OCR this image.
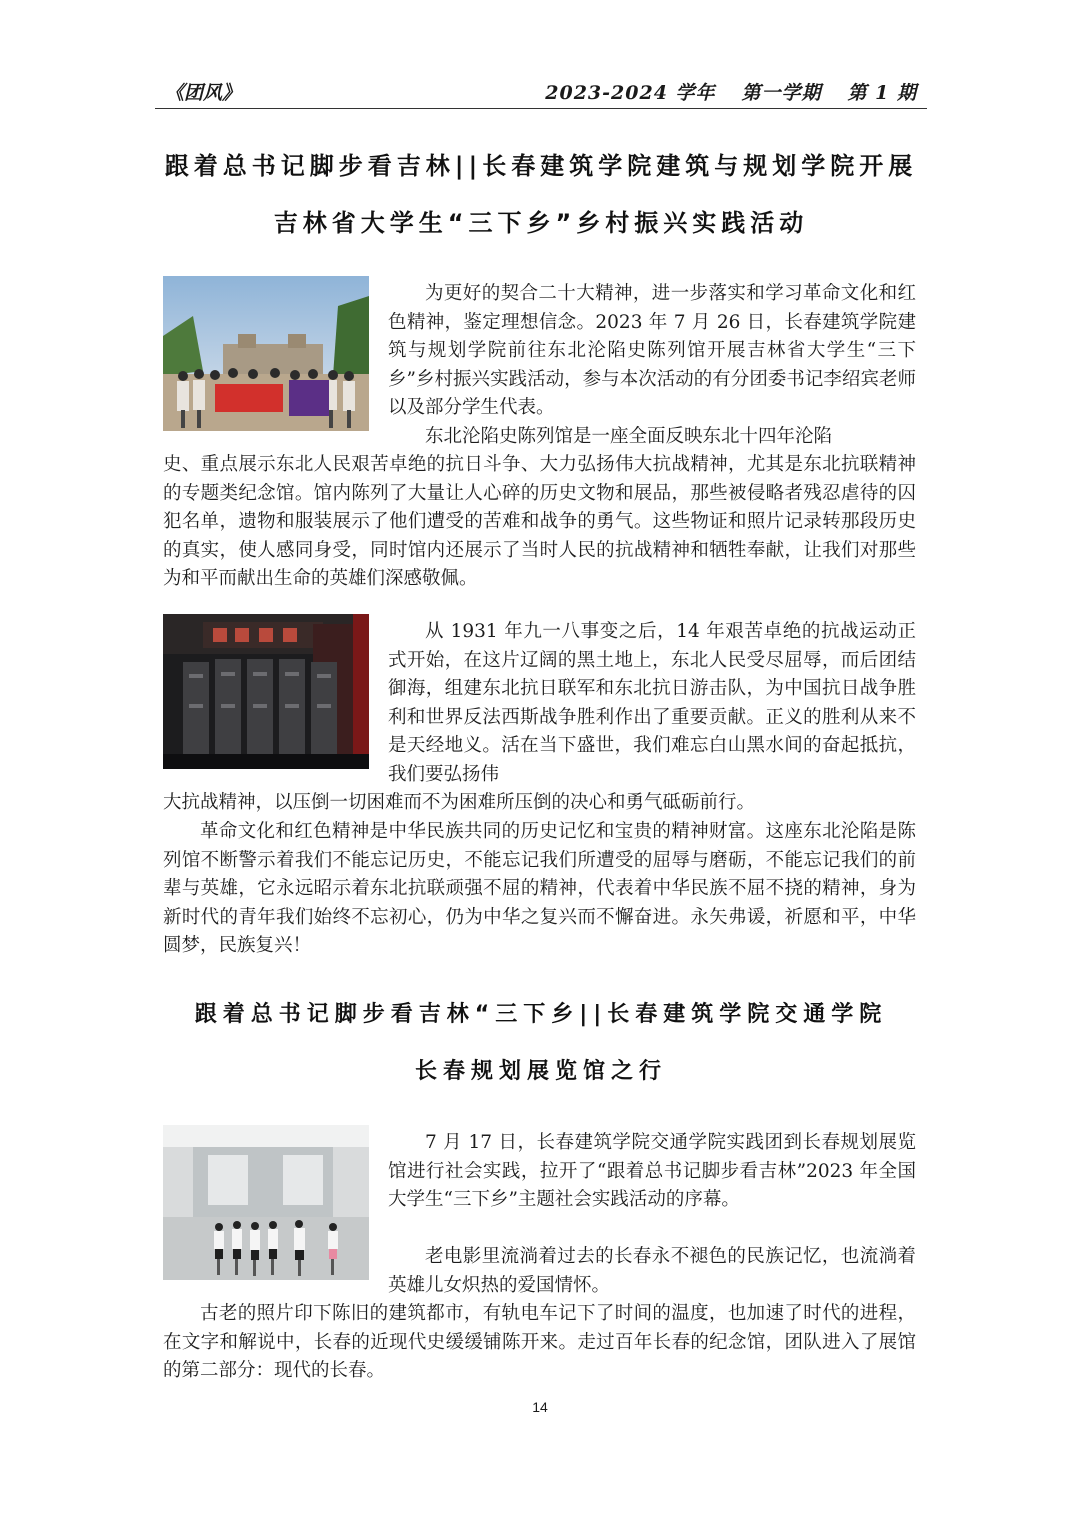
《团风》	2023-2024 学年 第一学期 第 1 期
跟着总书记脚步看吉林||长春建筑学院建筑与规划学院开展
吉林省大学生“三下乡”乡村振兴实践活动

为更好的契合二十大精神，进一步落实和学习革命文化和红色精神，鉴定理想信念。2023 年 7 月 26 日，长春建筑学院建筑与规划学院前往东北沦陷史陈列馆开展吉林省大学生“三下乡”乡村振兴实践活动，参与本次活动的有分团委书记李绍宾老师以及部分学生代表。

东北沦陷史陈列馆是一座全面反映东北十四年沦陷

史、重点展示东北人民艰苦卓绝的抗日斗争、大力弘扬伟大抗战精神，尤其是东北抗联精神的专题类纪念馆。馆内陈列了大量让人心碎的历史文物和展品，那些被侵略者残忍虐待的囚犯名单，遗物和服装展示了他们遭受的苦难和战争的勇气。这些物证和照片记录转那段历史的真实，使人感同身受，同时馆内还展示了当时人民的抗战精神和牺牲奉献，让我们对那些为和平而献出生命的英雄们深感敬佩。

从 1931 年九一八事变之后，14 年艰苦卓绝的抗战运动正式开始，在这片辽阔的黑土地上，东北人民受尽屈辱，而后团结御海，组建东北抗日联军和东北抗日游击队，为中国抗日战争胜利和世界反法西斯战争胜利作出了重要贡献。正义的胜利从来不是天经地义。活在当下盛世，我们难忘白山黑水间的奋起抵抗，我们要弘扬伟

大抗战精神，以压倒一切困难而不为困难所压倒的决心和勇气砥砺前行。

革命文化和红色精神是中华民族共同的历史记忆和宝贵的精神财富。这座东北沦陷是陈列馆不断警示着我们不能忘记历史，不能忘记我们所遭受的屈辱与磨砺，不能忘记我们的前辈与英雄，它永远昭示着东北抗联顽强不屈的精神，代表着中华民族不屈不挠的精神，身为新时代的青年我们始终不忘初心，仍为中华之复兴而不懈奋进。永矢弗谖，祈愿和平，中华圆梦，民族复兴！

跟着总书记脚步看吉林“三下乡||长春建筑学院交通学院
长春规划展览馆之行

7 月 17 日，长春建筑学院交通学院实践团到长春规划展览馆进行社会实践，拉开了“跟着总书记脚步看吉林”2023 年全国大学生“三下乡”主题社会实践活动的序幕。

老电影里流淌着过去的长春永不褪色的民族记忆，也流淌着英雄儿女炽热的爱国情怀。

古老的照片印下陈旧的建筑都市，有轨电车记下了时间的温度，也加速了时代的进程，在文字和解说中，长春的近现代史缓缓铺陈开来。走过百年长春的纪念馆，团队进入了展馆的第二部分：现代的长春。

14
